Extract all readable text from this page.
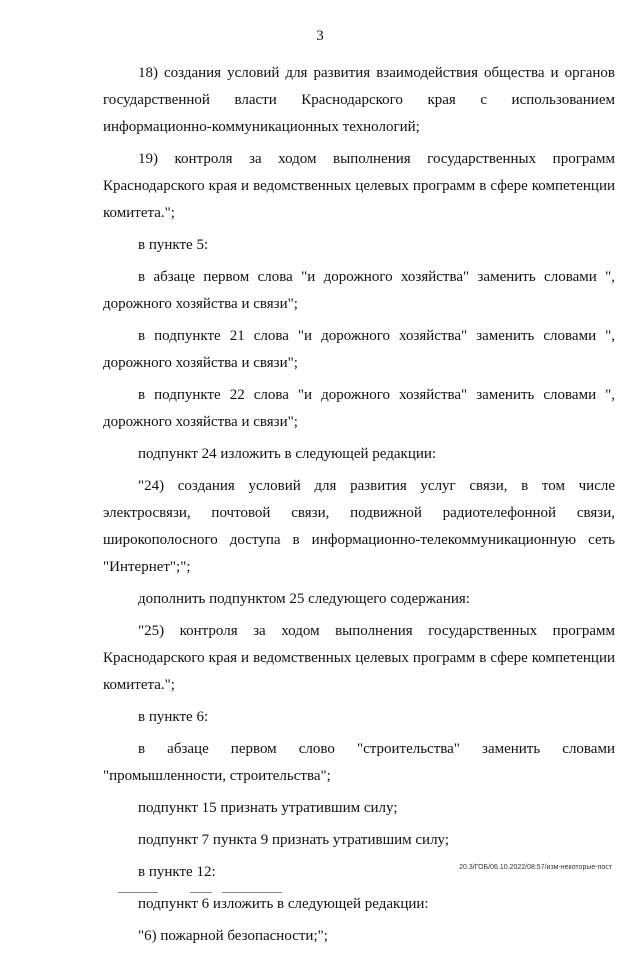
3

18) создания условий для развития взаимодействия общества и органов государственной власти Краснодарского края с использованием информационно-коммуникационных технологий;

19) контроля за ходом выполнения государственных программ Краснодарского края и ведомственных целевых программ в сфере компетенции комитета.";

в пункте 5:

в абзаце первом слова "и дорожного хозяйства" заменить словами ", дорожного хозяйства и связи";

в подпункте 21 слова "и дорожного хозяйства" заменить словами ", дорожного хозяйства и связи";

в подпункте 22 слова "и дорожного хозяйства" заменить словами ", дорожного хозяйства и связи";

подпункт 24 изложить в следующей редакции:

"24) создания условий для развития услуг связи, в том числе электросвязи, почтовой связи, подвижной радиотелефонной связи, широкополосного доступа в информационно-телекоммуникационную сеть "Интернет";";

дополнить подпунктом 25 следующего содержания:

"25) контроля за ходом выполнения государственных программ Краснодарского края и ведомственных целевых программ в сфере компетенции комитета.";

в пункте 6:

в абзаце первом слово "строительства" заменить словами "промышленности, строительства";

подпункт 15 признать утратившим силу;

подпункт 7 пункта 9 признать утратившим силу;

в пункте 12:

подпункт 6 изложить в следующей редакции:

"6) пожарной безопасности;";

20.3/ГОБ/06.10.2022/08:57/изм-некоторые-пост
